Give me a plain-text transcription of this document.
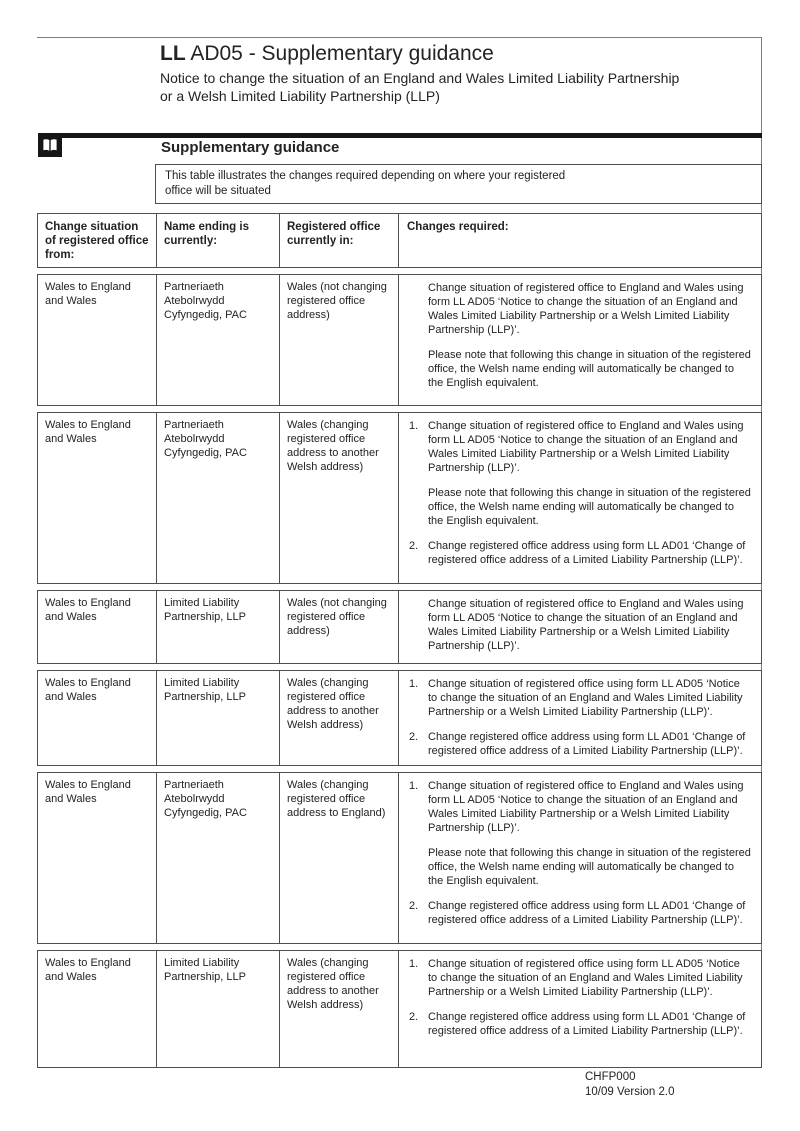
LL AD05 - Supplementary guidance
Notice to change the situation of an England and Wales Limited Liability Partnership
or a Welsh Limited Liability Partnership (LLP)
Supplementary guidance
This table illustrates the changes required depending on where your registered
office will be situated
Change situation of registered office from:
Name ending is currently:
Registered office currently in:
Changes required:
Wales to England and Wales
Partneriaeth Atebolrwydd Cyfyngedig, PAC
Wales (not changing registered office address)

Change situation of registered office to England and Wales using form LL AD05 ‘Notice to change the situation of an England and Wales Limited Liability Partnership or a Welsh Limited Liability Partnership (LLP)’.

Please note that following this change in situation of the registered office, the Welsh name ending will automatically be changed to the English equivalent.

Wales to England and Wales
Partneriaeth Atebolrwydd Cyfyngedig, PAC
Wales (changing registered office address to another Welsh address)
1. Change situation of registered office to England and Wales using form LL AD05 ‘Notice to change the situation of an England and Wales Limited Liability Partnership or a Welsh Limited Liability Partnership (LLP)’.

Please note that following this change in situation of the registered office, the Welsh name ending will automatically be changed to the English equivalent.

2. Change registered office address using form LL AD01 ‘Change of registered office address of a Limited Liability Partnership (LLP)’.

Wales to England and Wales
Limited Liability Partnership, LLP
Wales (not changing registered office address)

Change situation of registered office to England and Wales using form LL AD05 ‘Notice to change the situation of an England and Wales Limited Liability Partnership or a Welsh Limited Liability Partnership (LLP)’.

Wales to England and Wales
Limited Liability Partnership, LLP
Wales (changing registered office address to another Welsh address)
1. Change situation of registered office using form LL AD05 ‘Notice to change the situation of an England and Wales Limited Liability Partnership or a Welsh Limited Liability Partnership (LLP)’.

2. Change registered office address using form LL AD01 ‘Change of registered office address of a Limited Liability Partnership (LLP)’.

Wales to England and Wales
Partneriaeth Atebolrwydd Cyfyngedig, PAC
Wales (changing registered office address to England)
1. Change situation of registered office to England and Wales using form LL AD05 ‘Notice to change the situation of an England and Wales Limited Liability Partnership or a Welsh Limited Liability Partnership (LLP)’.

Please note that following this change in situation of the registered office, the Welsh name ending will automatically be changed to the English equivalent.

2. Change registered office address using form LL AD01 ‘Change of registered office address of a Limited Liability Partnership (LLP)’.

Wales to England and Wales
Limited Liability Partnership, LLP
Wales (changing registered office address to another Welsh address)
1. Change situation of registered office using form LL AD05 ‘Notice to change the situation of an England and Wales Limited Liability Partnership or a Welsh Limited Liability Partnership (LLP)’.

2. Change registered office address using form LL AD01 ‘Change of registered office address of a Limited Liability Partnership (LLP)’.

CHFP000
10/09 Version 2.0
